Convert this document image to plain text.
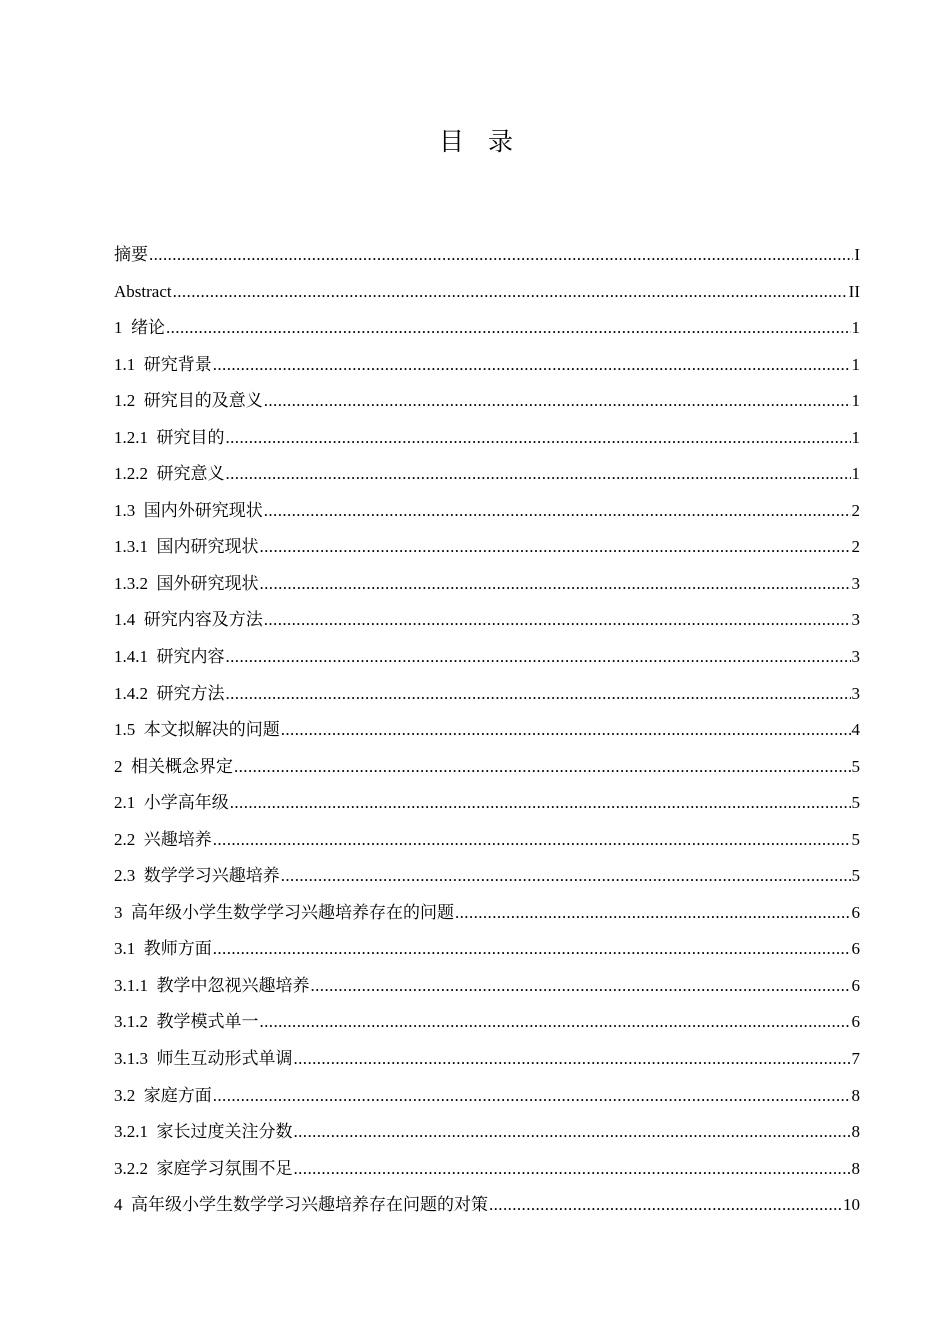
目录
摘要 .....	I
Abstract .....	II
1  绪论 .....	1
1.1  研究背景 .....	1
1.2  研究目的及意义 .....	1
1.2.1  研究目的 .....	1
1.2.2  研究意义 .....	1
1.3  国内外研究现状 .....	2
1.3.1  国内研究现状 .....	2
1.3.2  国外研究现状 .....	3
1.4  研究内容及方法 .....	3
1.4.1  研究内容 .....	3
1.4.2  研究方法 .....	3
1.5  本文拟解决的问题 .....	4
2  相关概念界定 .....	5
2.1  小学高年级 .....	5
2.2  兴趣培养 .....	5
2.3  数学学习兴趣培养 .....	5
3  高年级小学生数学学习兴趣培养存在的问题 .....	6
3.1  教师方面 .....	6
3.1.1  教学中忽视兴趣培养 .....	6
3.1.2  教学模式单一 .....	6
3.1.3  师生互动形式单调 .....	7
3.2  家庭方面 .....	8
3.2.1  家长过度关注分数 .....	8
3.2.2  家庭学习氛围不足 .....	8
4  高年级小学生数学学习兴趣培养存在问题的对策 .....	10
